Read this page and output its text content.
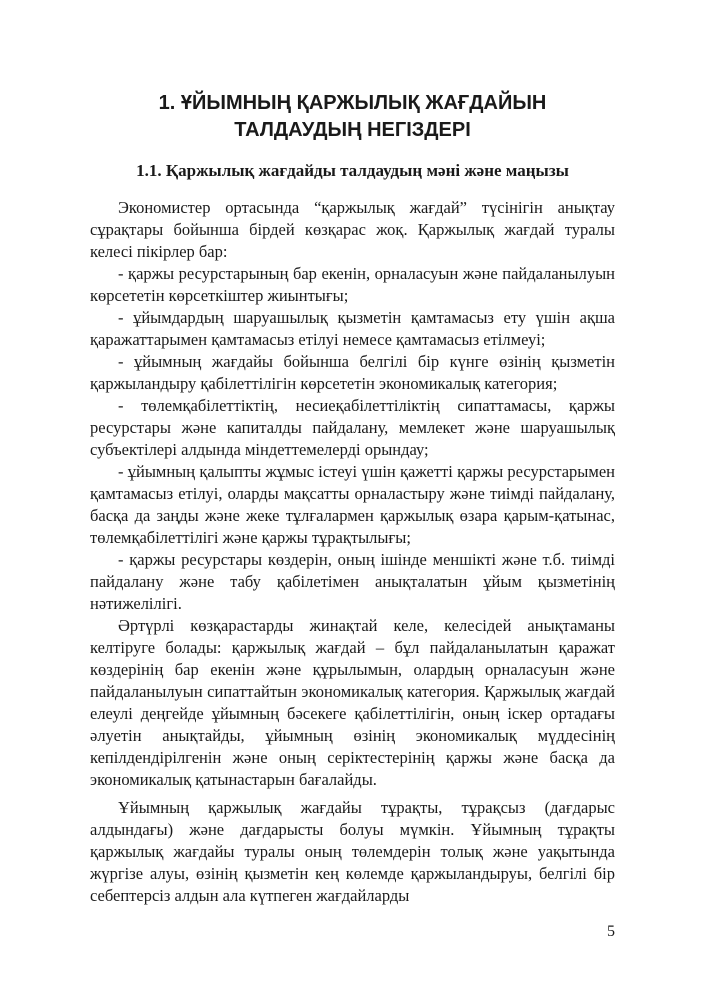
1. ҰЙЫМНЫҢ ҚАРЖЫЛЫҚ ЖАҒДАЙЫН
ТАЛДАУДЫҢ НЕГІЗДЕРІ
1.1. Қаржылық жағдайды талдаудың мәні және маңызы

Экономистер ортасында “қаржылық жағдай” түсінігін анықтау сұрақтары бойынша бірдей көзқарас жоқ. Қаржылық жағдай туралы келесі пікірлер бар:

- қаржы ресурстарының бар екенін, орналасуын және пайдаланылуын көрсететін көрсеткіштер жиынтығы;

- ұйымдардың шаруашылық қызметін қамтамасыз ету үшін ақша қаражаттарымен қамтамасыз етілуі немесе қамтамасыз етілмеуі;

- ұйымның жағдайы бойынша белгілі бір күнге өзінің қызметін қаржыландыру қабілеттілігін көрсететін экономикалық категория;

- төлемқабілеттіктің, несиеқабілеттіліктің сипаттамасы, қаржы ресурстары және капиталды пайдалану, мемлекет және шаруашылық субъектілері алдында міндеттемелерді орындау;

- ұйымның қалыпты жұмыс істеуі үшін қажетті қаржы ресурстарымен қамтамасыз етілуі, оларды мақсатты орналастыру және тиімді пайдалану, басқа да заңды және жеке тұлғалармен қаржылық өзара қарым-қатынас, төлемқабілеттілігі және қаржы тұрақтылығы;

- қаржы ресурстары көздерін, оның ішінде меншікті және т.б. тиімді пайдалану және табу қабілетімен анықталатын ұйым қызметінің нәтижелілігі.

Әртүрлі көзқарастарды жинақтай келе, келесідей анықтаманы келтіруге болады: қаржылық жағдай – бұл пайдаланылатын қаражат көздерінің бар екенін және құрылымын, олардың орналасуын және пайдаланылуын сипаттайтын экономикалық категория. Қаржылық жағдай елеулі деңгейде ұйымның бәсекеге қабілеттілігін, оның іскер ортадағы әлуетін анықтайды, ұйымның өзінің экономикалық мүддесінің кепілдендірілгенін және оның серіктестерінің қаржы және басқа да экономикалық қатынастарын бағалайды.

Ұйымның қаржылық жағдайы тұрақты, тұрақсыз (дағдарыс алдындағы) және дағдарысты болуы мүмкін. Ұйымның тұрақты қаржылық жағдайы туралы оның төлемдерін толық және уақытында жүргізе алуы, өзінің қызметін кең көлемде қаржыландыруы, белгілі бір себептерсіз алдын ала күтпеген жағдайларды

5
